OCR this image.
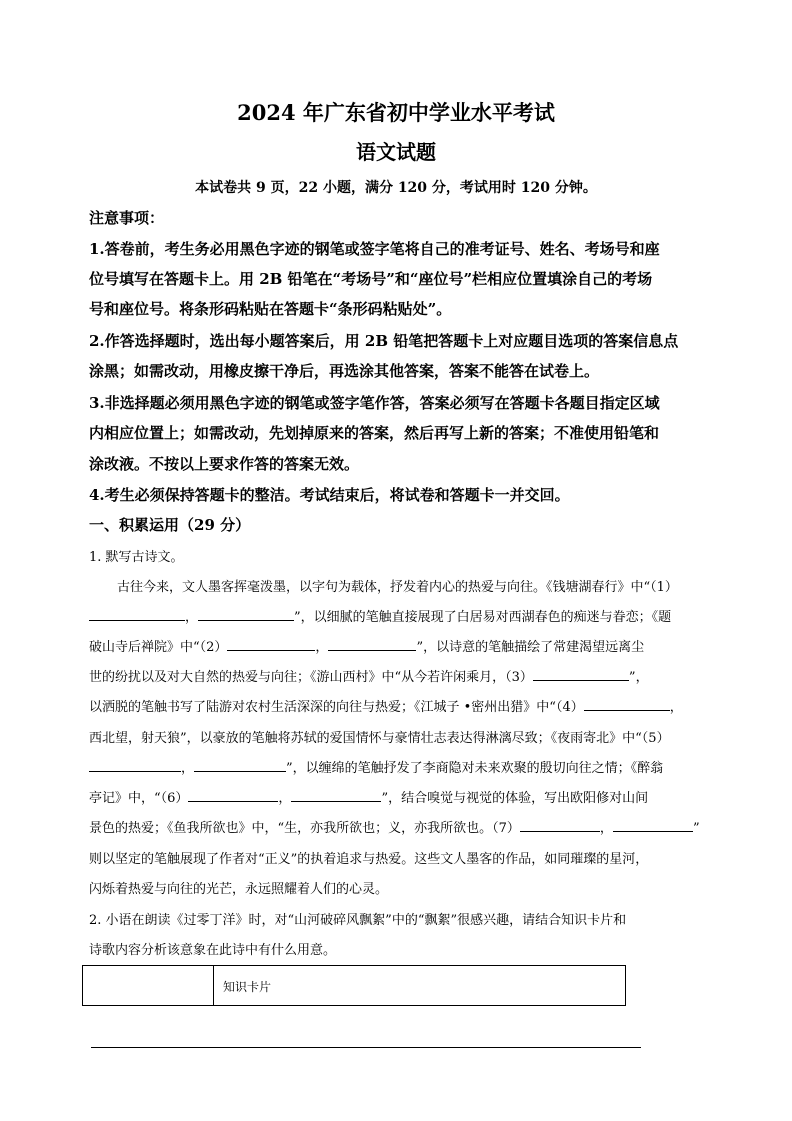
2024 年广东省初中学业水平考试
语文试题
本试卷共 9 页，22 小题，满分 120 分，考试用时 120 分钟。
注意事项：
1.答卷前，考生务必用黑色字迹的钢笔或签字笔将自己的准考证号、姓名、考场号和座
位号填写在答题卡上。用 2B 铅笔在“考场号”和“座位号”栏相应位置填涂自己的考场
号和座位号。将条形码粘贴在答题卡“条形码粘贴处”。
2.作答选择题时，选出每小题答案后，用 2B 铅笔把答题卡上对应题目选项的答案信息点
涂黑；如需改动，用橡皮擦干净后，再选涂其他答案，答案不能答在试卷上。
3.非选择题必须用黑色字迹的钢笔或签字笔作答，答案必须写在答题卡各题目指定区域
内相应位置上；如需改动，先划掉原来的答案，然后再写上新的答案；不准使用铅笔和
涂改液。不按以上要求作答的答案无效。
4.考生必须保持答题卡的整洁。考试结束后，将试卷和答题卡一并交回。
一、积累运用（29 分）
1. 默写古诗文。
古往今来，文人墨客挥毫泼墨，以字句为载体，抒发着内心的热爱与向往。《钱塘湖春行》中“（1）
，	”，以细腻的笔触直接展现了白居易对西湖春色的痴迷与眷恋；《题
破山寺后禅院》中“（2）	，	”，以诗意的笔触描绘了常建渴望远离尘
世的纷扰以及对大自然的热爱与向往；《游山西村》中“从今若许闲乘月，（3）	”，
以洒脱的笔触书写了陆游对农村生活深深的向往与热爱；《江城子 •密州出猎》中“（4）	，
西北望，射天狼”，以豪放的笔触将苏轼的爱国情怀与豪情壮志表达得淋漓尽致；《夜雨寄北》中“（5）
，	”，以缠绵的笔触抒发了李商隐对未来欢聚的殷切向往之情；《醉翁
亭记》中，“（6）	，	”，结合嗅觉与视觉的体验，写出欧阳修对山间
景色的热爱；《鱼我所欲也》中，“生，亦我所欲也；义，亦我所欲也。（7）	，	”
则以坚定的笔触展现了作者对“正义”的执着追求与热爱。这些文人墨客的作品，如同璀璨的星河，
闪烁着热爱与向往的光芒，永远照耀着人们的心灵。
2. 小语在朗读《过零丁洋》时，对“山河破碎风飘絮”中的“飘絮”很感兴趣，请结合知识卡片和
诗歌内容分析该意象在此诗中有什么用意。
知识卡片
